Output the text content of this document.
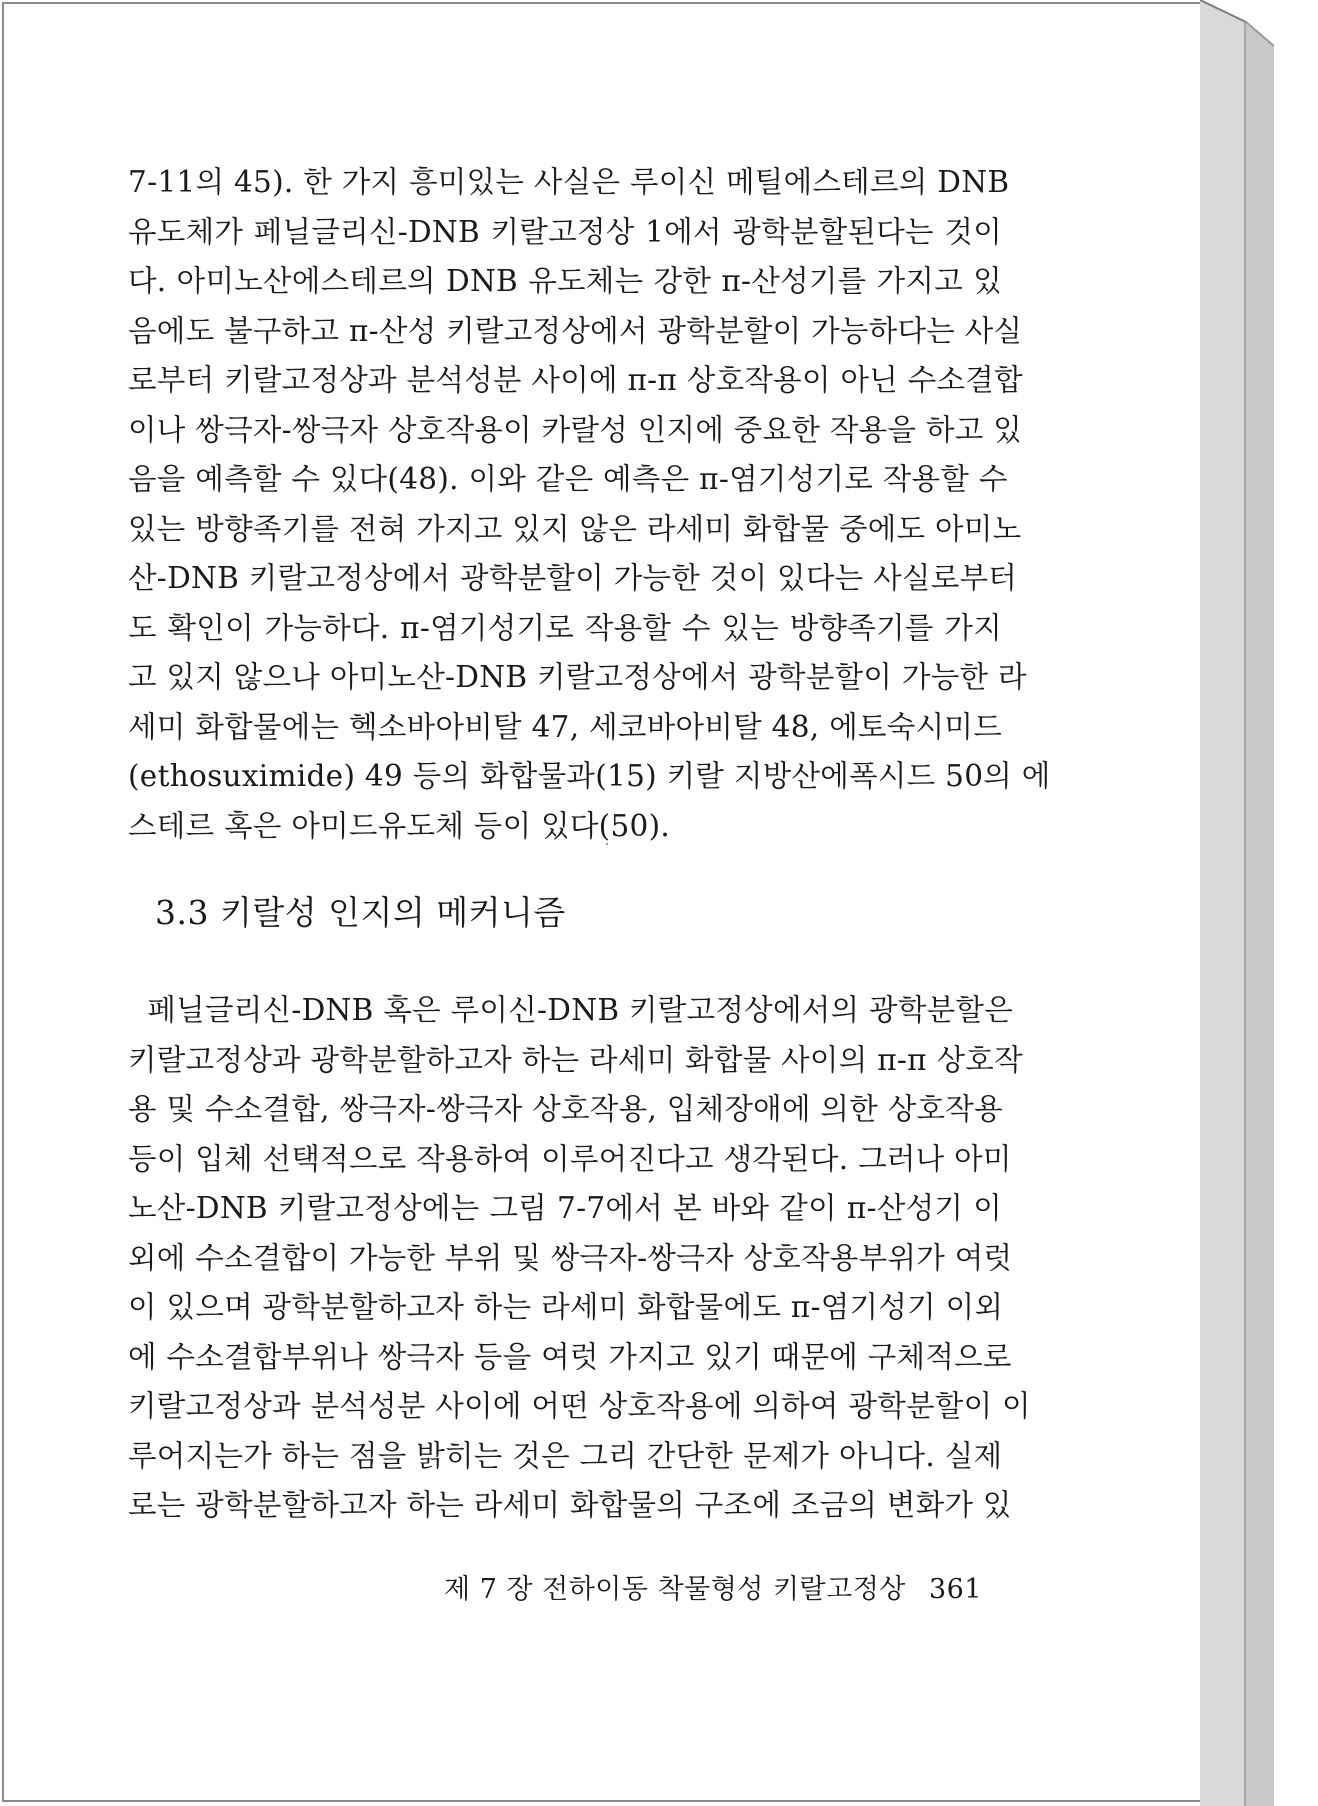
7-11의 45). 한 가지 흥미있는 사실은 루이신 메틸에스테르의 DNB
유도체가 페닐글리신-DNB 키랄고정상 1에서 광학분할된다는 것이
다. 아미노산에스테르의 DNB 유도체는 강한 π-산성기를 가지고 있
음에도 불구하고 π-산성 키랄고정상에서 광학분할이 가능하다는 사실
로부터 키랄고정상과 분석성분 사이에 π-π 상호작용이 아닌 수소결합
이나 쌍극자-쌍극자 상호작용이 카랄성 인지에 중요한 작용을 하고 있
음을 예측할 수 있다(48). 이와 같은 예측은 π-염기성기로 작용할 수
있는 방향족기를 전혀 가지고 있지 않은 라세미 화합물 중에도 아미노
산-DNB 키랄고정상에서 광학분할이 가능한 것이 있다는 사실로부터
도 확인이 가능하다. π-염기성기로 작용할 수 있는 방향족기를 가지
고 있지 않으나 아미노산-DNB 키랄고정상에서 광학분할이 가능한 라
세미 화합물에는 헥소바아비탈 47, 세코바아비탈 48, 에토숙시미드
(ethosuximide) 49 등의 화합물과(15) 키랄 지방산에폭시드 50의 에
스테르 혹은 아미드유도체 등이 있다(50).
3.3 키랄성 인지의 메커니즘
페닐글리신-DNB 혹은 루이신-DNB 키랄고정상에서의 광학분할은
키랄고정상과 광학분할하고자 하는 라세미 화합물 사이의 π-π 상호작
용 및 수소결합, 쌍극자-쌍극자 상호작용, 입체장애에 의한 상호작용
등이 입체 선택적으로 작용하여 이루어진다고 생각된다. 그러나 아미
노산-DNB 키랄고정상에는 그림 7-7에서 본 바와 같이 π-산성기 이
외에 수소결합이 가능한 부위 및 쌍극자-쌍극자 상호작용부위가 여럿
이 있으며 광학분할하고자 하는 라세미 화합물에도 π-염기성기 이외
에 수소결합부위나 쌍극자 등을 여럿 가지고 있기 때문에 구체적으로
키랄고정상과 분석성분 사이에 어떤 상호작용에 의하여 광학분할이 이
루어지는가 하는 점을 밝히는 것은 그리 간단한 문제가 아니다. 실제
로는 광학분할하고자 하는 라세미 화합물의 구조에 조금의 변화가 있
제 7 장 전하이동 착물형성 키랄고정상 361
